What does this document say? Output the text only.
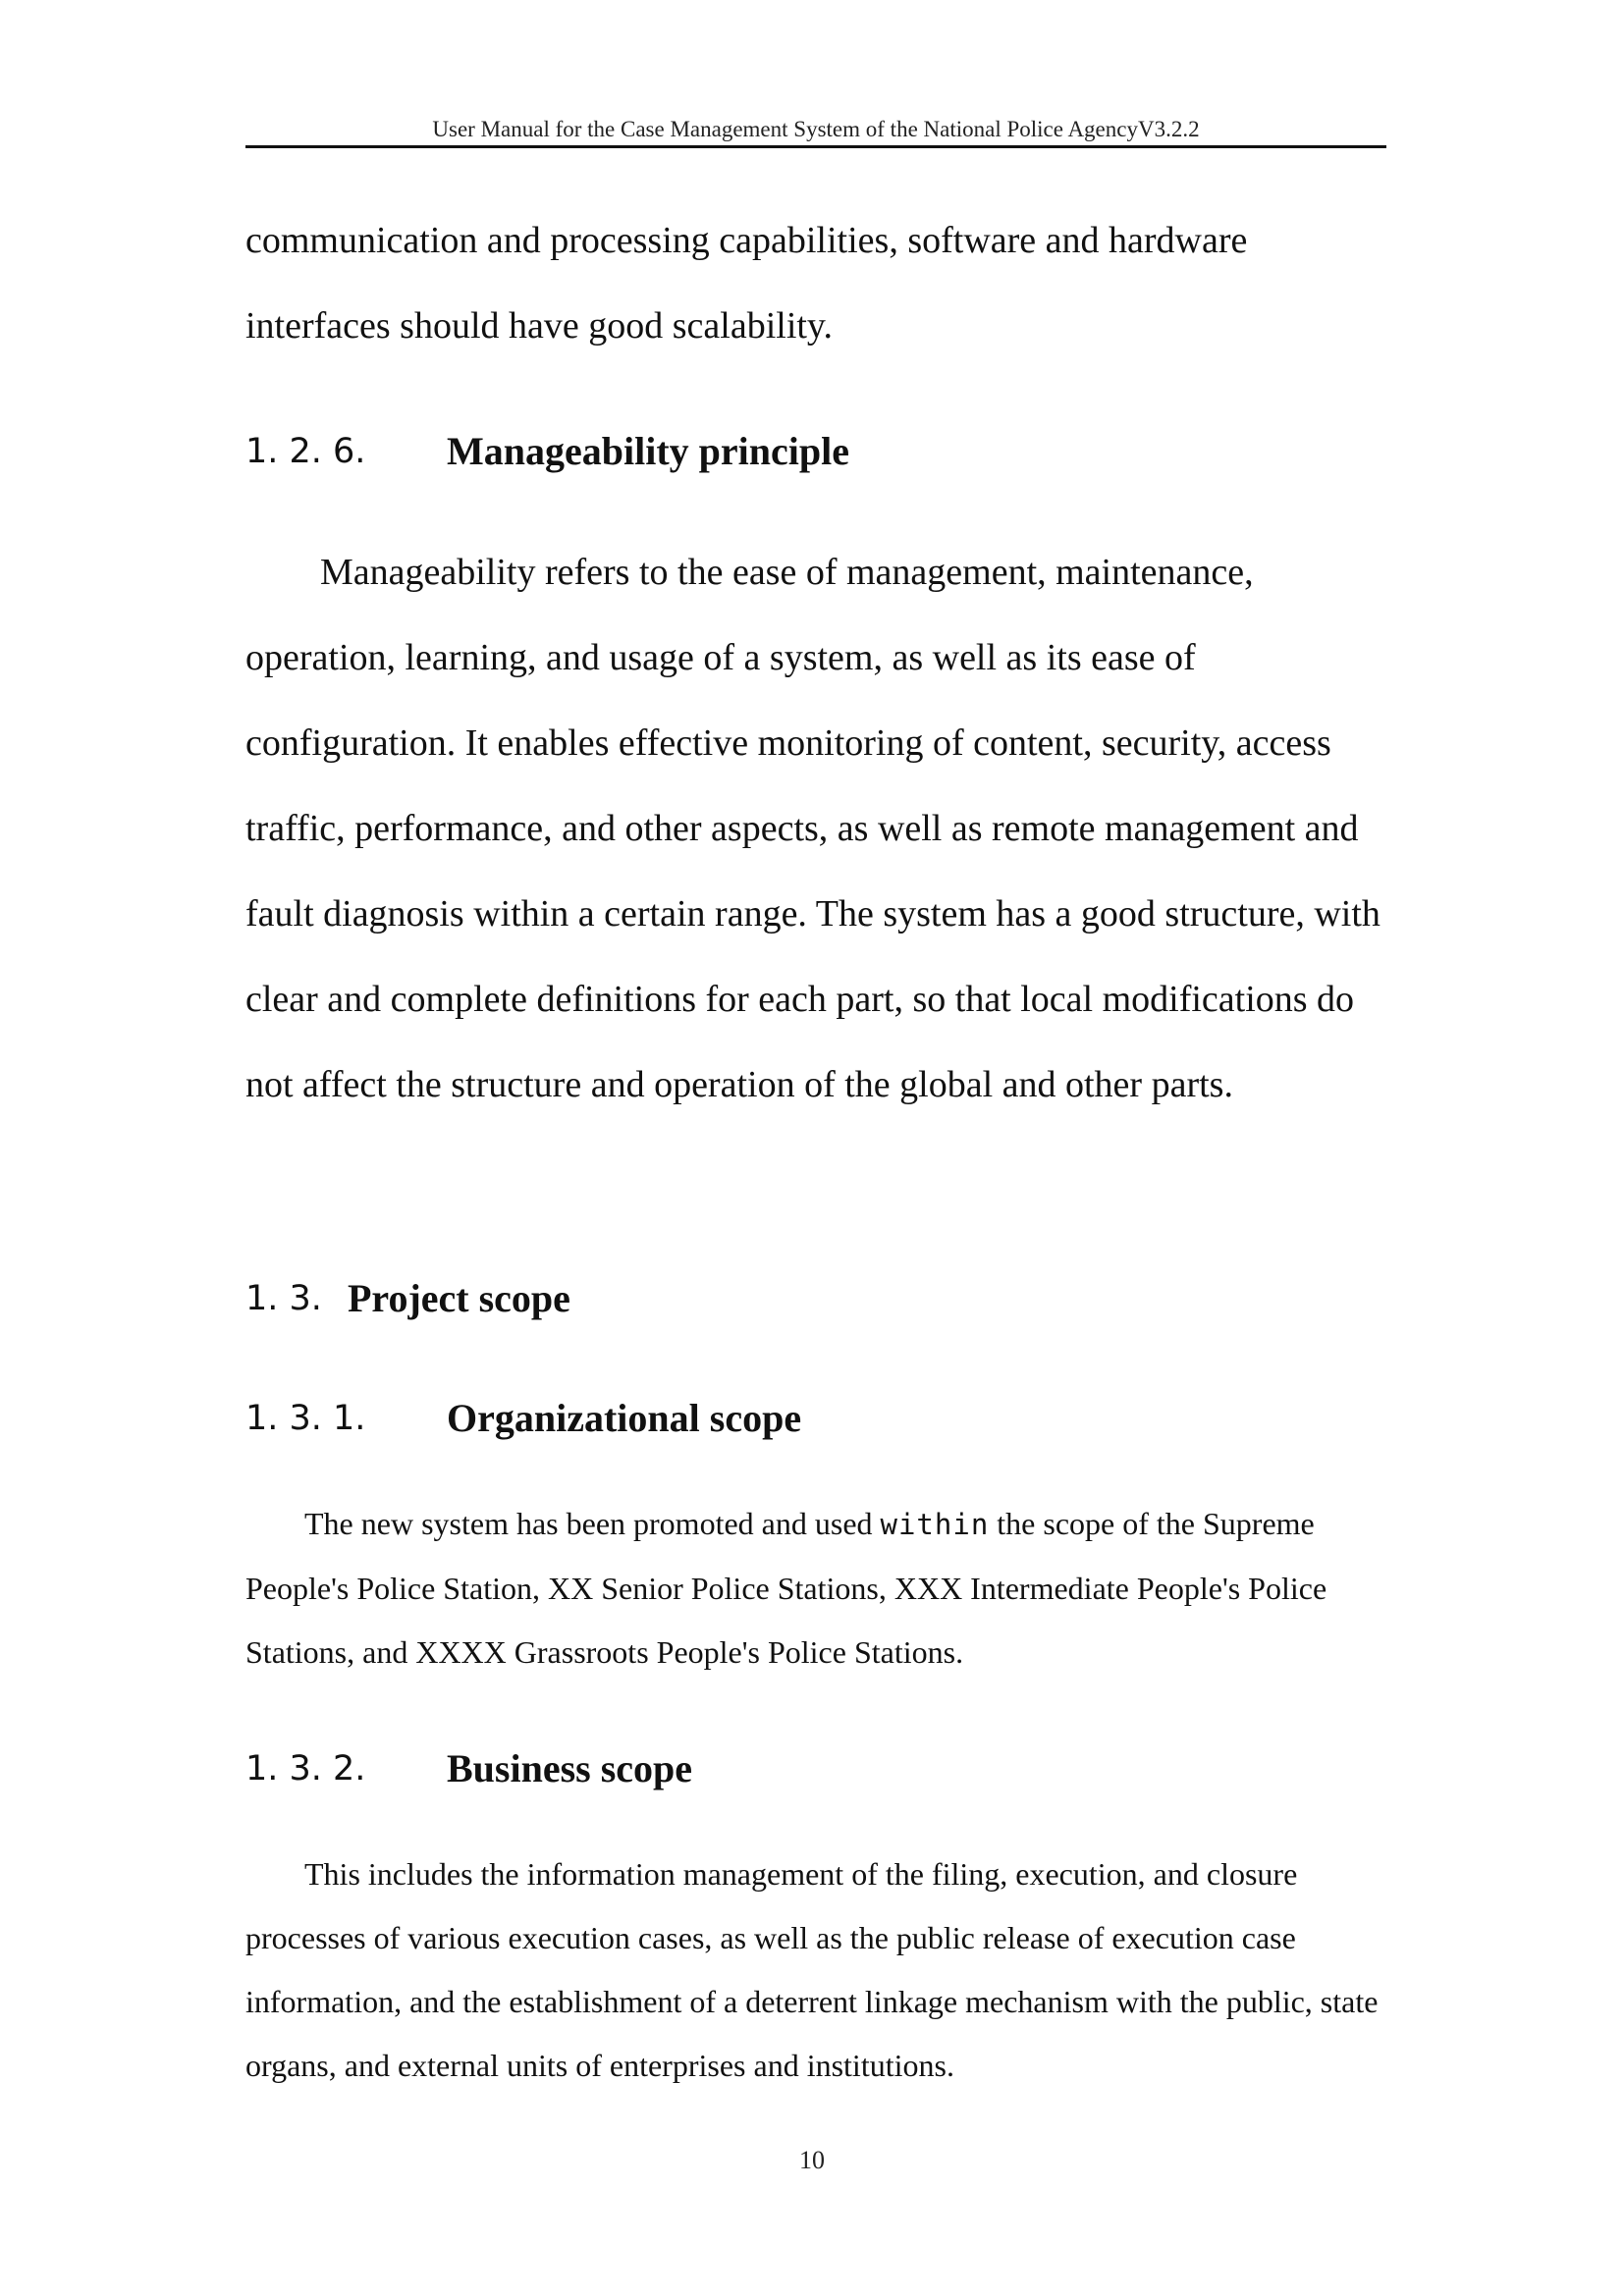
User Manual for the Case Management System of the National Police AgencyV3.2.2

communication and processing capabilities, software and hardware interfaces should have good scalability.

1. 2. 6. Manageability principle

Manageability refers to the ease of management, maintenance, operation, learning, and usage of a system, as well as its ease of configuration. It enables effective monitoring of content, security, access traffic, performance, and other aspects, as well as remote management and fault diagnosis within a certain range. The system has a good structure, with clear and complete definitions for each part, so that local modifications do not affect the structure and operation of the global and other parts.

1. 3. Project scope
1. 3. 1. Organizational scope

The new system has been promoted and used within the scope of the Supreme People's Police Station, XX Senior Police Stations, XXX Intermediate People's Police Stations, and XXXX Grassroots People's Police Stations.

1. 3. 2. Business scope

This includes the information management of the filing, execution, and closure processes of various execution cases, as well as the public release of execution case information, and the establishment of a deterrent linkage mechanism with the public, state organs, and external units of enterprises and institutions.

10
